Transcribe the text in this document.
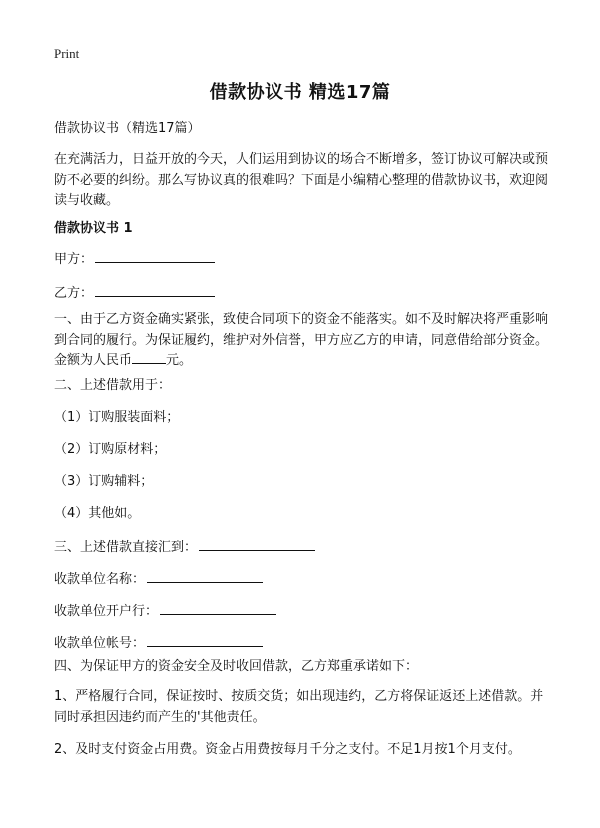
Print
借款协议书 精选17篇
借款协议书（精选17篇）
在充满活力，日益开放的今天，人们运用到协议的场合不断增多，签订协议可解决或预防不必要的纠纷。那么写协议真的很难吗？下面是小编精心整理的借款协议书，欢迎阅读与收藏。
借款协议书 1
甲方：
乙方：
一、由于乙方资金确实紧张，致使合同项下的资金不能落实。如不及时解决将严重影响到合同的履行。为保证履约，维护对外信誉，甲方应乙方的申请，同意借给部分资金。金额为人民币	元。
二、上述借款用于：
（1）订购服装面料；
（2）订购原材料；
（3）订购辅料；
（4）其他如。
三、上述借款直接汇到：
收款单位名称：
收款单位开户行：
收款单位帐号：
四、为保证甲方的资金安全及时收回借款，乙方郑重承诺如下：
1、严格履行合同，保证按时、按质交货；如出现违约，乙方将保证返还上述借款。并同时承担因违约而产生的'其他责任。
2、及时支付资金占用费。资金占用费按每月千分之支付。不足1月按1个月支付。
